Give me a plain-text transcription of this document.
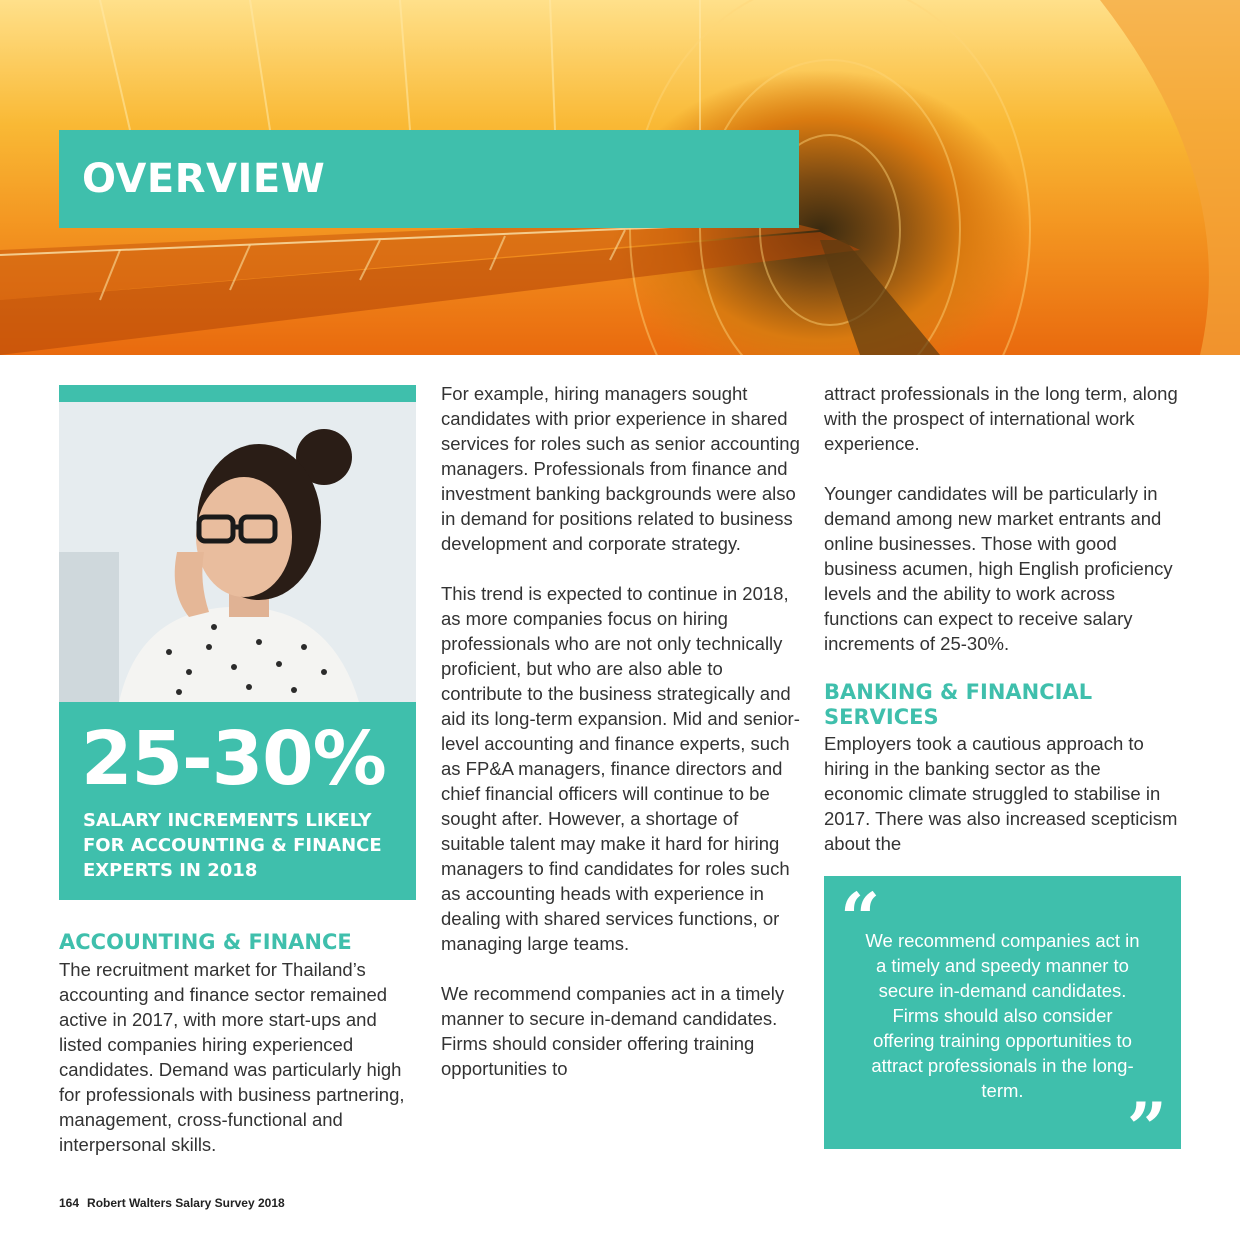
OVERVIEW
25-30%
SALARY INCREMENTS LIKELY FOR ACCOUNTING & FINANCE EXPERTS IN 2018
ACCOUNTING & FINANCE

The recruitment market for Thailand’s accounting and finance sector remained active in 2017, with more start-ups and listed companies hiring experienced candidates. Demand was particularly high for professionals with business partnering, management, cross-functional and interpersonal skills.

For example, hiring managers sought candidates with prior experience in shared services for roles such as senior accounting managers. Professionals from finance and investment banking backgrounds were also in demand for positions related to business development and corporate strategy.

This trend is expected to continue in 2018, as more companies focus on hiring professionals who are not only technically proficient, but who are also able to contribute to the business strategically and aid its long-term expansion. Mid and senior-level accounting and finance experts, such as FP&A managers, finance directors and chief financial officers will continue to be sought after. However, a shortage of suitable talent may make it hard for hiring managers to find candidates for roles such as accounting heads with experience in dealing with shared services functions, or managing large teams.

We recommend companies act in a timely manner to secure in-demand candidates. Firms should consider offering training opportunities to

attract professionals in the long term, along with the prospect of international work experience.

Younger candidates will be particularly in demand among new market entrants and online businesses. Those with good business acumen, high English proficiency levels and the ability to work across functions can expect to receive salary increments of 25-30%.

BANKING & FINANCIAL SERVICES

Employers took a cautious approach to hiring in the banking sector as the economic climate struggled to stabilise in 2017. There was also increased scepticism about the

“
We recommend companies act in a timely and speedy manner to secure in-demand candidates. Firms should also consider offering training opportunities to attract professionals in the long-term.	”
164 Robert Walters Salary Survey 2018
